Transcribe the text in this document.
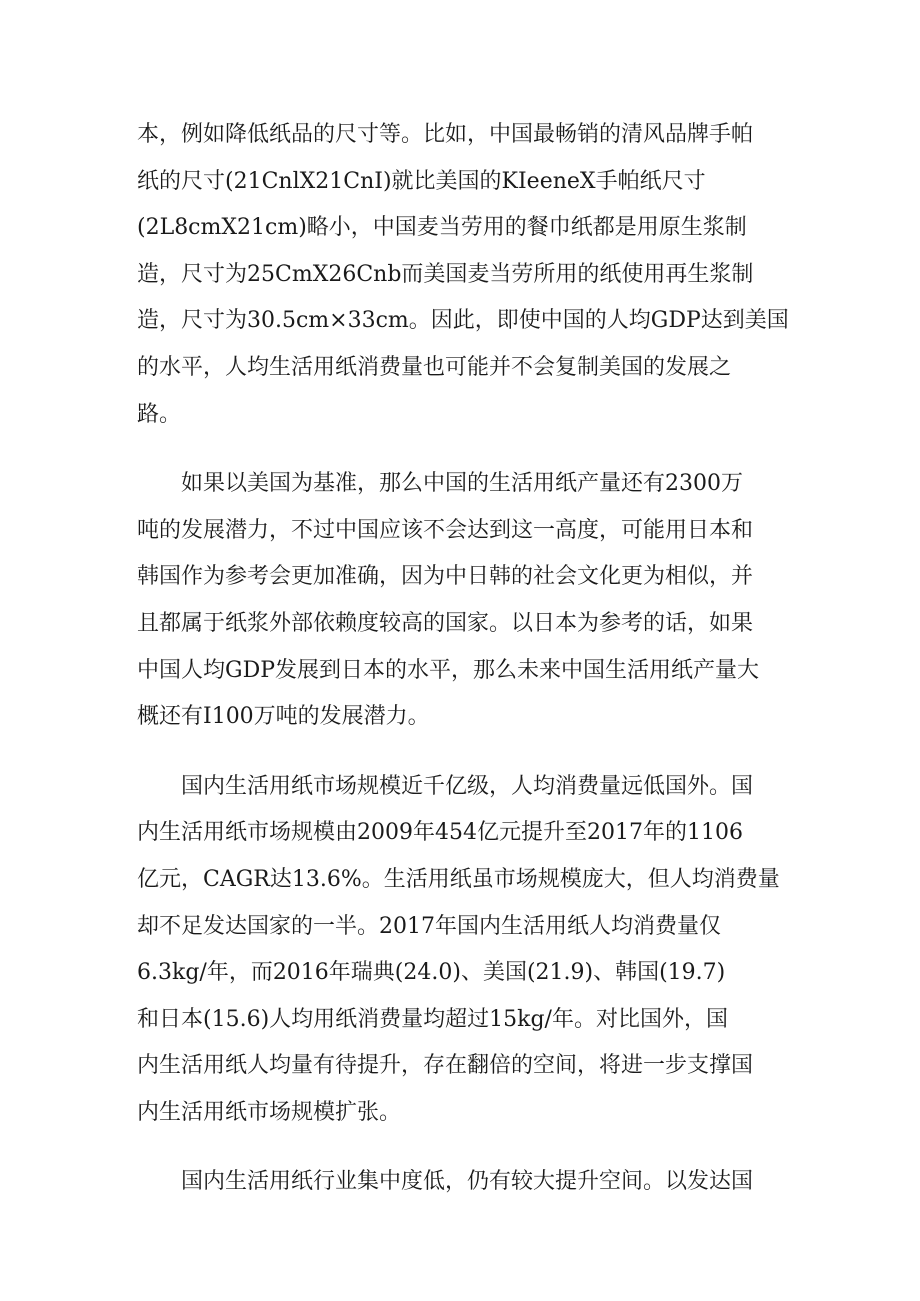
本，例如降低纸品的尺寸等。比如，中国最畅销的清风品牌手帕
纸的尺寸(21CnlX21CnI)就比美国的KIeeneX手帕纸尺寸
(2L8cmX21cm)略小，中国麦当劳用的餐巾纸都是用原生浆制
造，尺寸为25CmX26Cnb而美国麦当劳所用的纸使用再生浆制
造，尺寸为30.5cm×33cm。因此，即使中国的人均GDP达到美国
的水平，人均生活用纸消费量也可能并不会复制美国的发展之
路。
如果以美国为基准，那么中国的生活用纸产量还有2300万
吨的发展潜力，不过中国应该不会达到这一高度，可能用日本和
韩国作为参考会更加准确，因为中日韩的社会文化更为相似，并
且都属于纸浆外部依赖度较高的国家。以日本为参考的话，如果
中国人均GDP发展到日本的水平，那么未来中国生活用纸产量大
概还有I100万吨的发展潜力。
国内生活用纸市场规模近千亿级，人均消费量远低国外。国
内生活用纸市场规模由2009年454亿元提升至2017年的1106
亿元，CAGR达13.6%。生活用纸虽市场规模庞大，但人均消费量
却不足发达国家的一半。2017年国内生活用纸人均消费量仅
6.3kg/年，而2016年瑞典(24.0)、美国(21.9)、韩国(19.7)
和日本(15.6)人均用纸消费量均超过15kg/年。对比国外，国
内生活用纸人均量有待提升，存在翻倍的空间，将进一步支撑国
内生活用纸市场规模扩张。
国内生活用纸行业集中度低，仍有较大提升空间。以发达国
